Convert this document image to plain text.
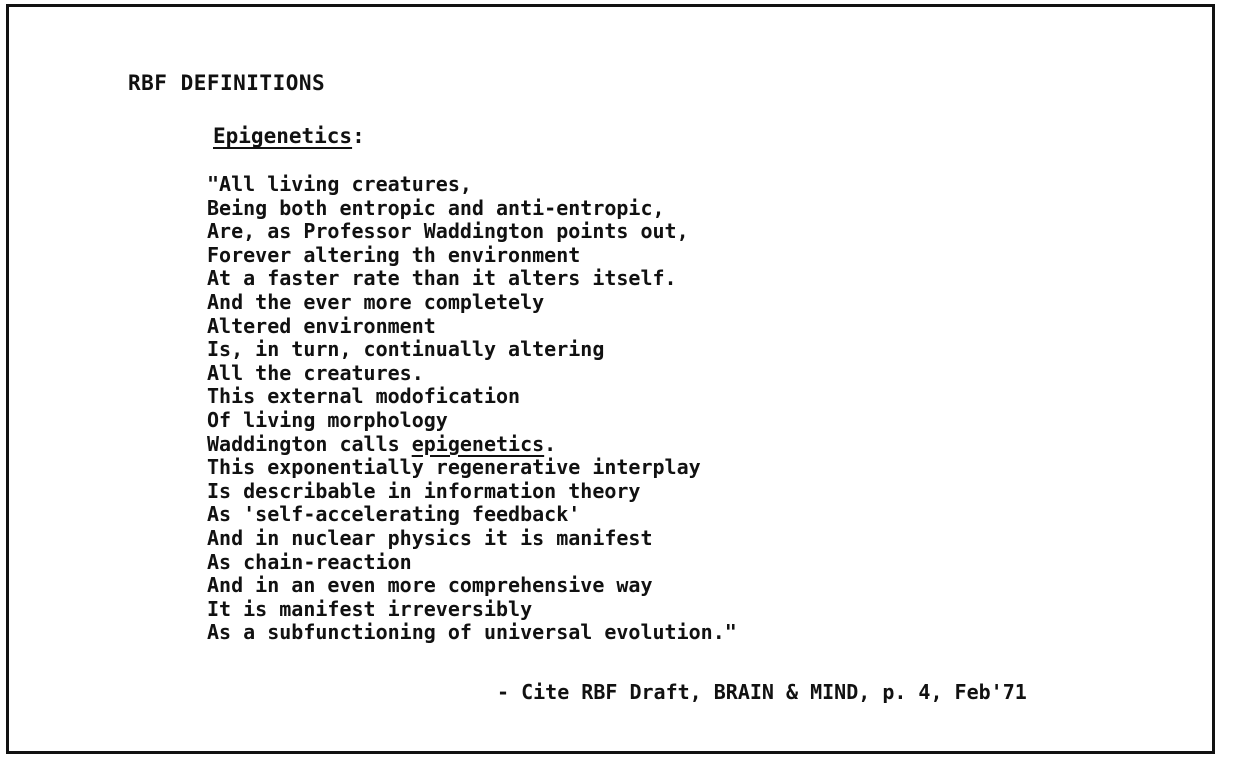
RBF DEFINITIONS
Epigenetics:
"All living creatures,
Being both entropic and anti-entropic,
Are, as Professor Waddington points out,
Forever altering th environment
At a faster rate than it alters itself.
And the ever more completely
Altered environment
Is, in turn, continually altering
All the creatures.
This external modofication
Of living morphology
Waddington calls epigenetics.
This exponentially regenerative interplay
Is describable in information theory
As 'self-accelerating feedback'
And in nuclear physics it is manifest
As chain-reaction
And in an even more comprehensive way
It is manifest irreversibly
As a subfunctioning of universal evolution."
- Cite RBF Draft, BRAIN & MIND, p. 4, Feb'71
